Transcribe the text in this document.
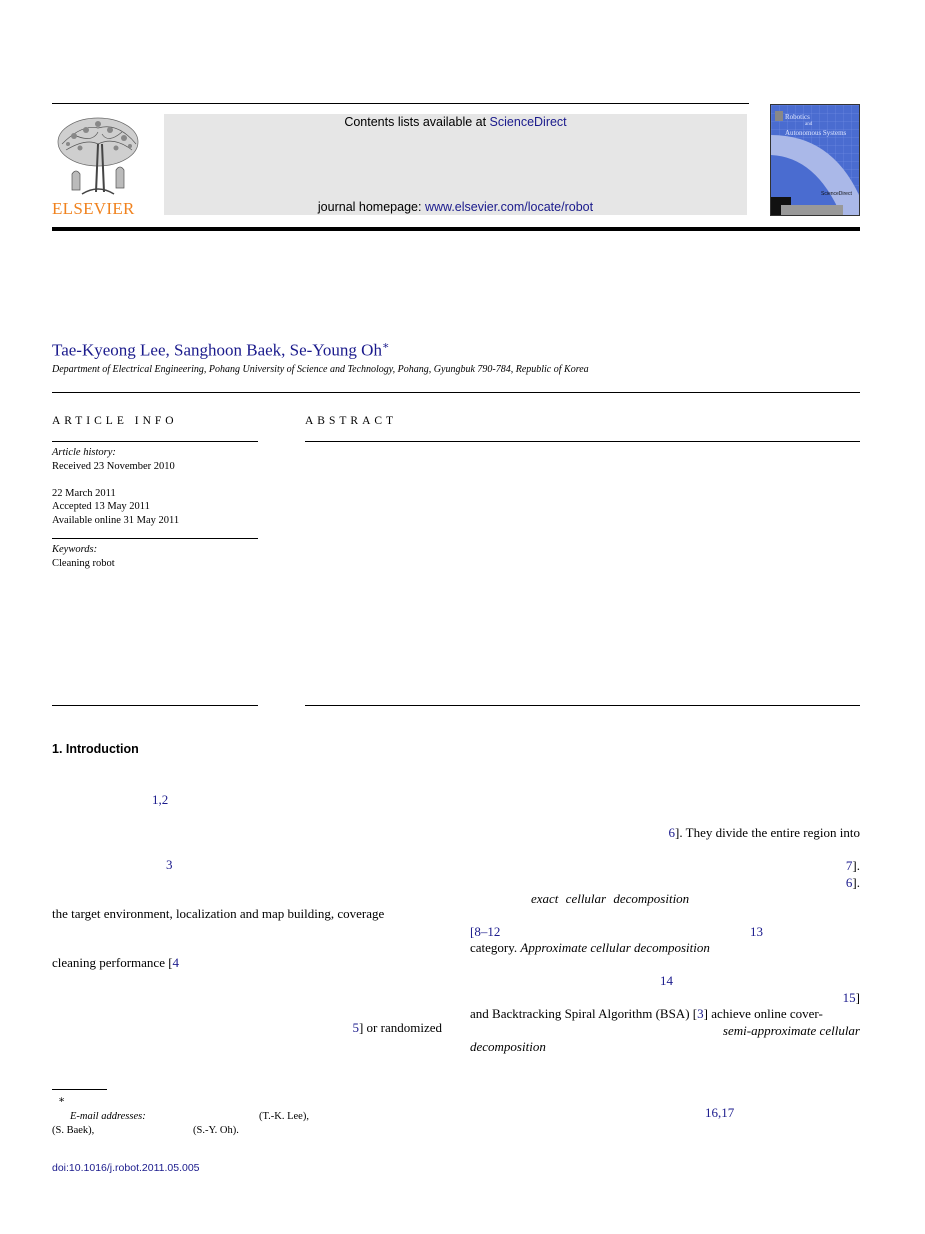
ELSEVIER
Contents lists available at ScienceDirect
journal homepage: www.elsevier.com/locate/robot
Robotics
and
Autonomous Systems
ScienceDirect
Tae-Kyeong Lee, Sanghoon Baek, Se-Young Oh∗
Department of Electrical Engineering, Pohang University of Science and Technology, Pohang, Gyungbuk 790-784, Republic of Korea
ARTICLE INFO
Article history:
Received 23 November 2010
22 March 2011
Accepted 13 May 2011
Available online 31 May 2011
Keywords:
Cleaning robot
ABSTRACT
1. Introduction
1,2
3
the target environment, localization and map building, coverage
cleaning performance [4
5] or randomized
6]. They divide the entire region into
7].
6].
exact cellular decomposition
[8–12	13
category. Approximate cellular decomposition
14
15]
and Backtracking Spiral Algorithm (BSA) [3] achieve online cover-
semi-approximate cellular
decomposition
16,17
∗
E-mail addresses:	(T.-K. Lee),
(S. Baek),	(S.-Y. Oh).
doi:10.1016/j.robot.2011.05.005
